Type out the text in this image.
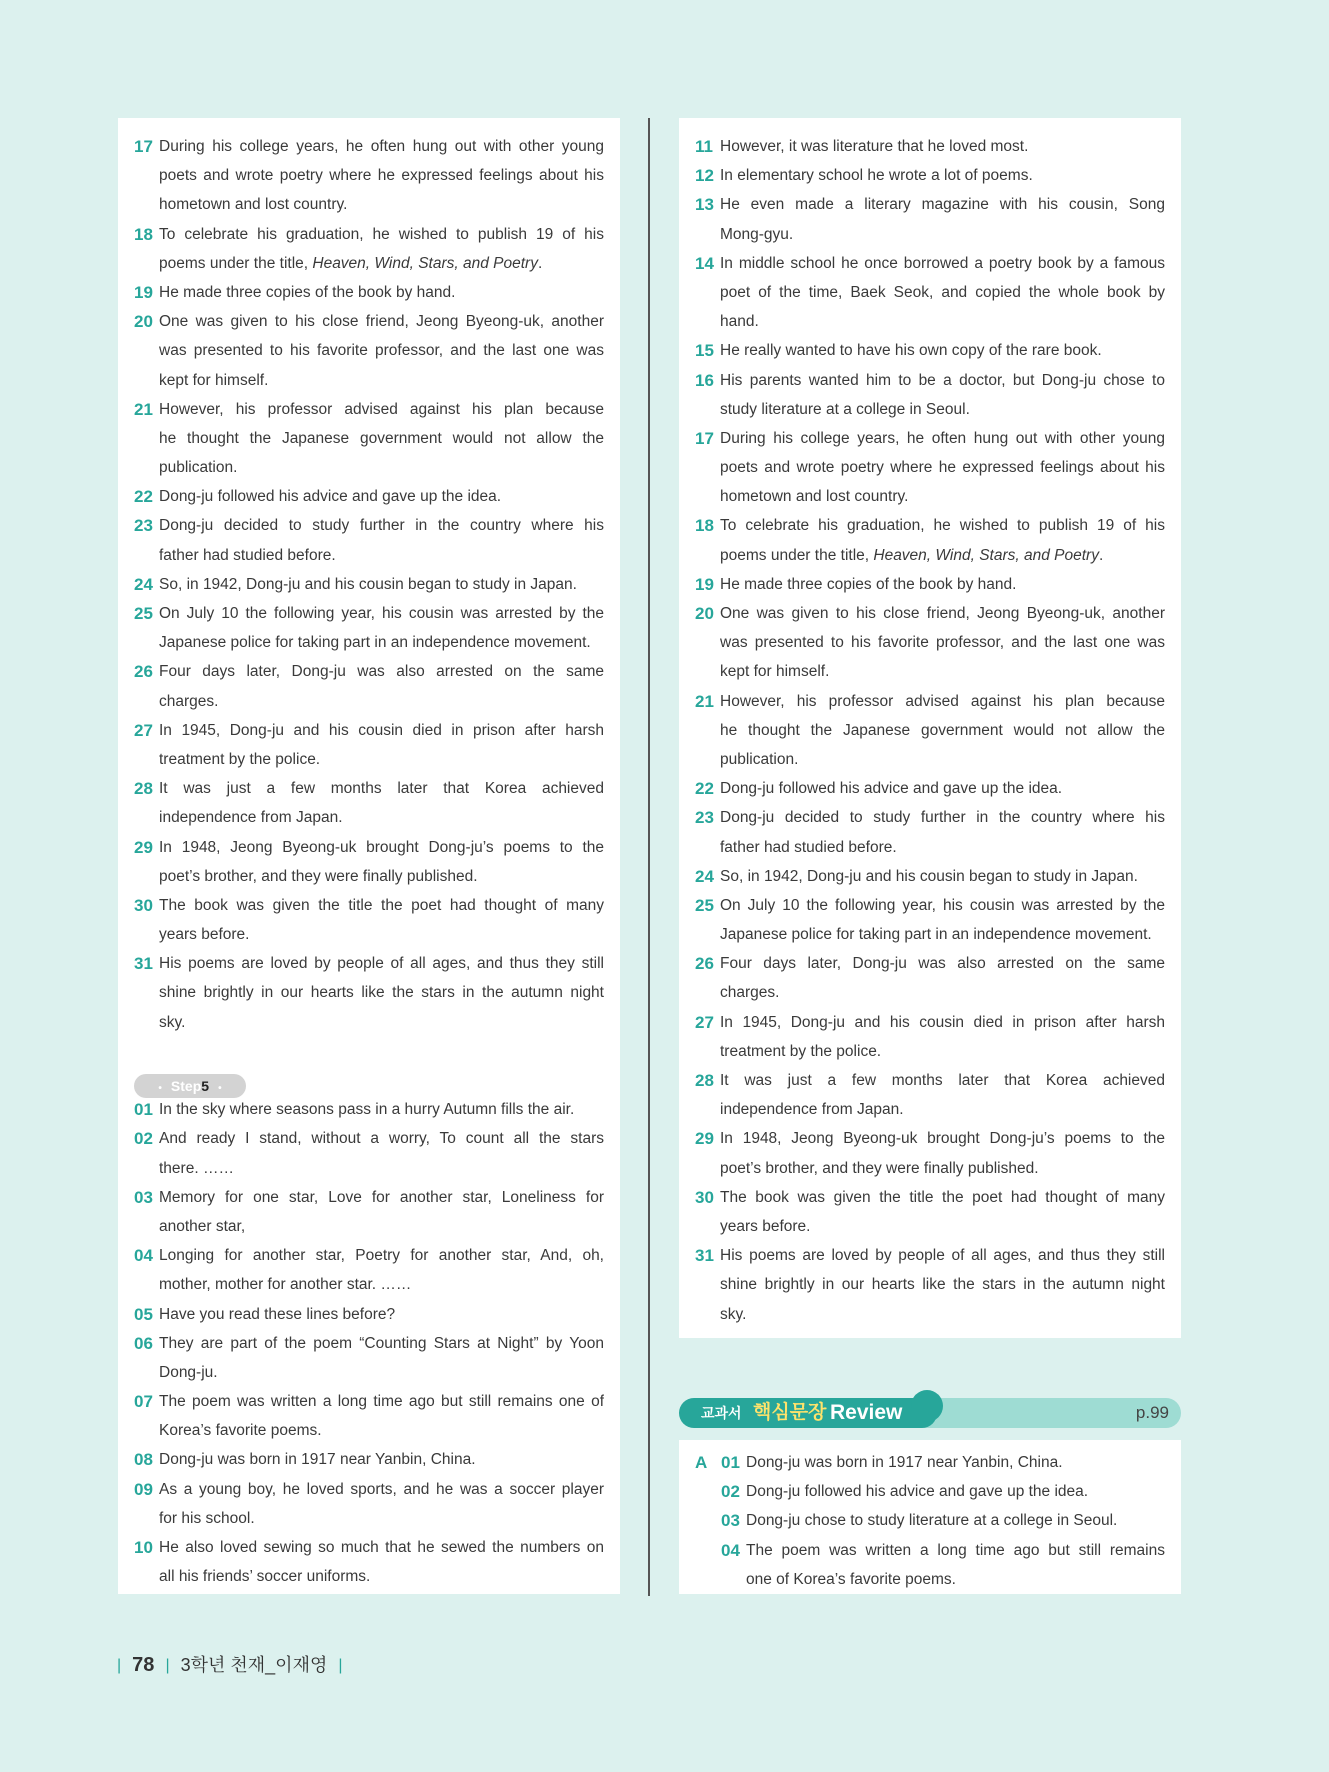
17 During his college years, he often hung out with other young
poets and wrote poetry where he expressed feelings about his
hometown and lost country.
18 To celebrate his graduation, he wished to publish 19 of his
poems under the title, Heaven, Wind, Stars, and Poetry.
19 He made three copies of the book by hand.
20 One was given to his close friend, Jeong Byeong-uk, another
was presented to his favorite professor, and the last one was
kept for himself.
21 However, his professor advised against his plan because
he thought the Japanese government would not allow the
publication.
22 Dong-ju followed his advice and gave up the idea.
23 Dong-ju decided to study further in the country where his
father had studied before.
24 So, in 1942, Dong-ju and his cousin began to study in Japan.
25 On July 10 the following year, his cousin was arrested by the
Japanese police for taking part in an independence movement.
26 Four days later, Dong-ju was also arrested on the same
charges.
27 In 1945, Dong-ju and his cousin died in prison after harsh
treatment by the police.
28 It was just a few months later that Korea achieved
independence from Japan.
29 In 1948, Jeong Byeong-uk brought Dong-ju’s poems to the
poet’s brother, and they were finally published.
30 The book was given the title the poet had thought of many
years before.
31 His poems are loved by people of all ages, and thus they still
shine brightly in our hearts like the stars in the autumn night
sky.
• Step5 •
01 In the sky where seasons pass in a hurry Autumn fills the air.
02 And ready I stand, without a worry, To count all the stars
there. ……
03 Memory for one star, Love for another star, Loneliness for
another star,
04 Longing for another star, Poetry for another star, And, oh,
mother, mother for another star. ……
05 Have you read these lines before?
06 They are part of the poem “Counting Stars at Night” by Yoon
Dong-ju.
07 The poem was written a long time ago but still remains one of
Korea’s favorite poems.
08 Dong-ju was born in 1917 near Yanbin, China.
09 As a young boy, he loved sports, and he was a soccer player
for his school.
10 He also loved sewing so much that he sewed the numbers on
all his friends’ soccer uniforms.
11 However, it was literature that he loved most.
12 In elementary school he wrote a lot of poems.
13 He even made a literary magazine with his cousin, Song
Mong-gyu.
14 In middle school he once borrowed a poetry book by a famous
poet of the time, Baek Seok, and copied the whole book by
hand.
15 He really wanted to have his own copy of the rare book.
16 His parents wanted him to be a doctor, but Dong-ju chose to
study literature at a college in Seoul.
17 During his college years, he often hung out with other young
poets and wrote poetry where he expressed feelings about his
hometown and lost country.
18 To celebrate his graduation, he wished to publish 19 of his
poems under the title, Heaven, Wind, Stars, and Poetry.
19 He made three copies of the book by hand.
20 One was given to his close friend, Jeong Byeong-uk, another
was presented to his favorite professor, and the last one was
kept for himself.
21 However, his professor advised against his plan because
he thought the Japanese government would not allow the
publication.
22 Dong-ju followed his advice and gave up the idea.
23 Dong-ju decided to study further in the country where his
father had studied before.
24 So, in 1942, Dong-ju and his cousin began to study in Japan.
25 On July 10 the following year, his cousin was arrested by the
Japanese police for taking part in an independence movement.
26 Four days later, Dong-ju was also arrested on the same
charges.
27 In 1945, Dong-ju and his cousin died in prison after harsh
treatment by the police.
28 It was just a few months later that Korea achieved
independence from Japan.
29 In 1948, Jeong Byeong-uk brought Dong-ju’s poems to the
poet’s brother, and they were finally published.
30 The book was given the title the poet had thought of many
years before.
31 His poems are loved by people of all ages, and thus they still
shine brightly in our hearts like the stars in the autumn night
sky.
교과서 핵심문장 Review	p.99
A 01 Dong-ju was born in 1917 near Yanbin, China.
02 Dong-ju followed his advice and gave up the idea.
03 Dong-ju chose to study literature at a college in Seoul.
04 The poem was written a long time ago but still remains
one of Korea’s favorite poems.
| 78 | 3학년 천재_이재영 |
